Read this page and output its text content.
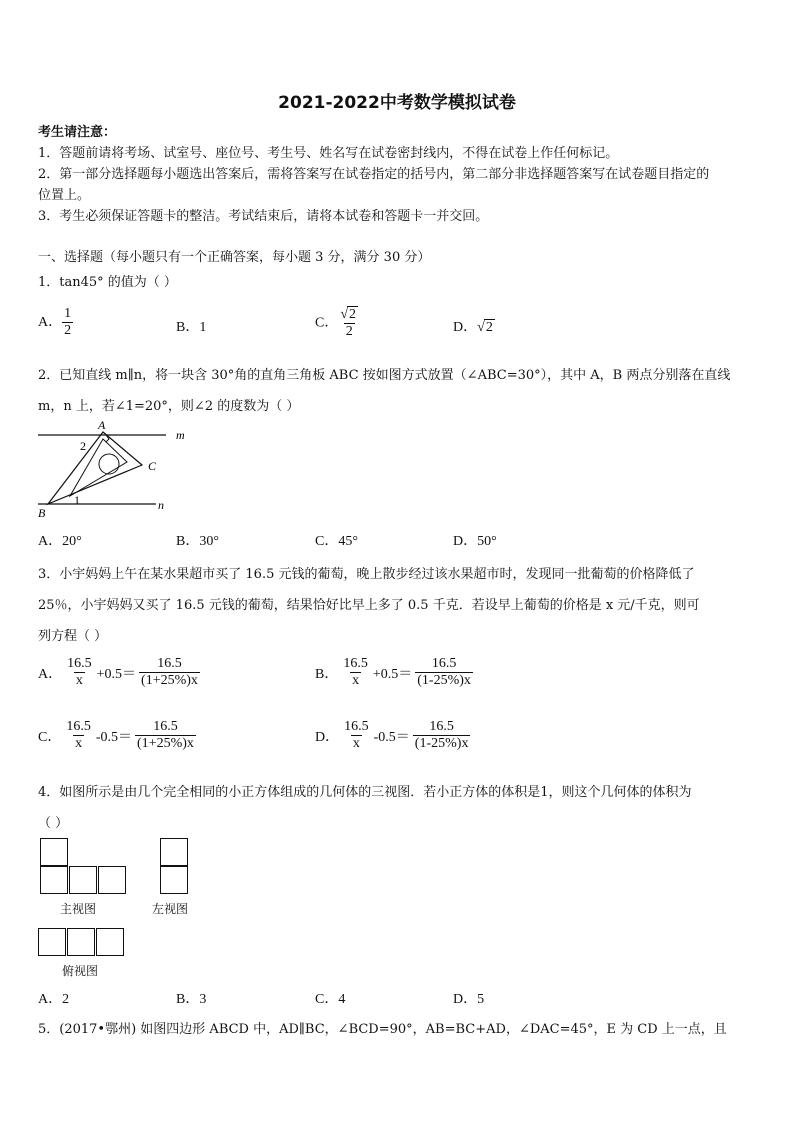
2021-2022中考数学模拟试卷
考生请注意：
1．答题前请将考场、试室号、座位号、考生号、姓名写在试卷密封线内，不得在试卷上作任何标记。
2．第一部分选择题每小题选出答案后，需将答案写在试卷指定的括号内，第二部分非选择题答案写在试卷题目指定的
位置上。
3．考生必须保证答题卡的整洁。考试结束后，请将本试卷和答题卡一并交回。
一、选择题（每小题只有一个正确答案，每小题 3 分，满分 30 分）
1．tan45° 的值为（ ）
A． $\frac{1}{2}$	B．1	C． $\frac{√2}{2}$	D．√2
2．已知直线 m∥n，将一块含 30°角的直角三角板 ABC 按如图方式放置（∠ABC=30°），其中 A，B 两点分别落在直线
m，n 上，若∠1=20°，则∠2 的度数为（ ）
A
m
2
C
1	n
B
A．20°	B．30°	C．45°	D．50°
3．小宇妈妈上午在某水果超市买了 16.5 元钱的葡萄，晚上散步经过该水果超市时，发现同一批葡萄的价格降低了
25％，小宇妈妈又买了 16.5 元钱的葡萄，结果恰好比早上多了 0.5 千克．若设早上葡萄的价格是 x 元/千克，则可
列方程（ ）
A． $\frac{16.5}{x} +0.5= \frac{16.5}{(1+25\%)x}$	B． $\frac{16.5}{x} +0.5= \frac{16.5}{(1-25\%)x}$
C． $\frac{16.5}{x} -0.5= \frac{16.5}{(1+25\%)x}$	D． $\frac{16.5}{x} -0.5= \frac{16.5}{(1-25\%)x}$
4．如图所示是由几个完全相同的小正方体组成的几何体的三视图．若小正方体的体积是1，则这个几何体的体积为
（ ）
主视图	左视图
俯视图
A．2	B．3	C．4	D．5
5．(2017•鄂州) 如图四边形 ABCD 中，AD∥BC，∠BCD=90°，AB=BC+AD，∠DAC=45°，E 为 CD 上一点，且
